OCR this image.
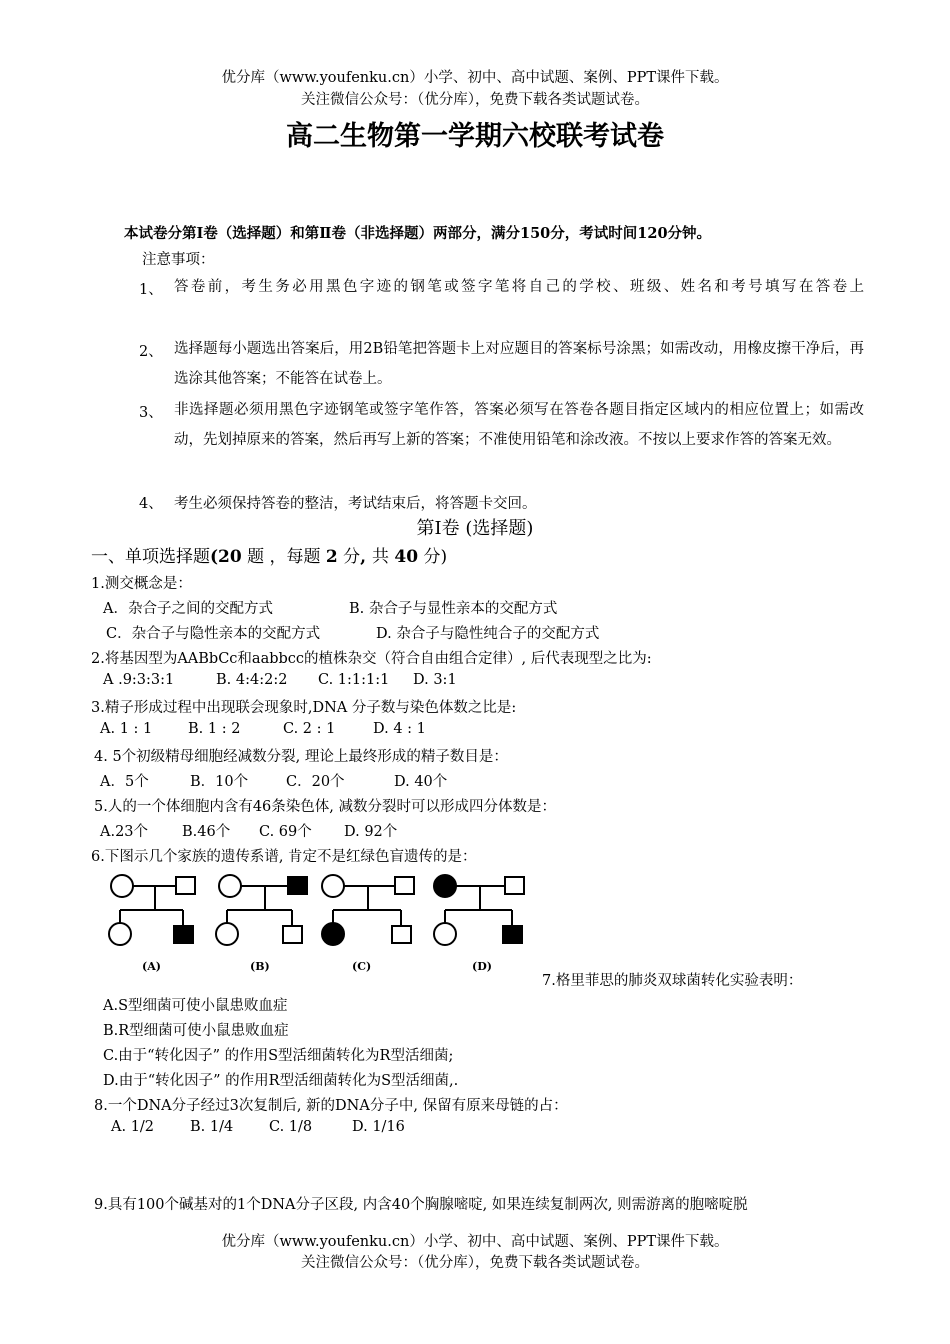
优分库（www.youfenku.cn）小学、初中、高中试题、案例、PPT课件下载。
关注微信公众号：（优分库），免费下载各类试题试卷。
高二生物第一学期六校联考试卷
本试卷分第Ⅰ卷（选择题）和第Ⅱ卷（非选择题）两部分，满分150分，考试时间120分钟。
注意事项：
1、 答卷前，考生务必用黑色字迹的钢笔或签字笔将自己的学校、班级、姓名和考号填写在答卷上
2、 选择题每小题选出答案后，用2B铅笔把答题卡上对应题目的答案标号涂黑；如需改动，用橡皮擦干净后，再选涂其他答案；不能答在试卷上。
3、 非选择题必须用黑色字迹钢笔或签字笔作答，答案必须写在答卷各题目指定区域内的相应位置上；如需改动，先划掉原来的答案，然后再写上新的答案；不准使用铅笔和涂改液。不按以上要求作答的答案无效。
4、 考生必须保持答卷的整洁，考试结束后，将答题卡交回。
第Ⅰ卷 (选择题)
一、单项选择题(20 题 ，每题 2 分, 共 40 分)
1.测交概念是：
A．杂合子之间的交配方式	B. 杂合子与显性亲本的交配方式
C．杂合子与隐性亲本的交配方式	D. 杂合子与隐性纯合子的交配方式
2.将基因型为AABbCc和aabbcc的植株杂交（符合自由组合定律）, 后代表现型之比为:
A .9:3:3:1	B. 4:4:2:2 C. 1:1:1:1 D. 3:1
3.精子形成过程中出现联会现象时,DNA 分子数与染色体数之比是:
A. 1 : 1 B. 1 : 2	C. 2 : 1	D. 4 : 1
4. 5个初级精母细胞经减数分裂, 理论上最终形成的精子数目是：
A．5个	B．10个	C．20个	D. 40个
5.人的一个体细胞内含有46条染色体, 减数分裂时可以形成四分体数是：
A.23个 B.46个 C. 69个 D. 92个
6.下图示几个家族的遗传系谱, 肯定不是红绿色盲遗传的是：
(A)	(B)	(C)	(D)
7.格里菲思的肺炎双球菌转化实验表明：
A.S型细菌可使小鼠患败血症
B.R型细菌可使小鼠患败血症
C.由于“转化因子” 的作用S型活细菌转化为R型活细菌;
D.由于“转化因子” 的作用R型活细菌转化为S型活细菌,.
8.一个DNA分子经过3次复制后, 新的DNA分子中, 保留有原来母链的占：
A. 1/2 B. 1/4 C. 1/8	D. 1/16
9.具有100个碱基对的1个DNA分子区段, 内含40个胸腺嘧啶, 如果连续复制两次, 则需游离的胞嘧啶脱
优分库（www.youfenku.cn）小学、初中、高中试题、案例、PPT课件下载。
关注微信公众号：（优分库），免费下载各类试题试卷。
